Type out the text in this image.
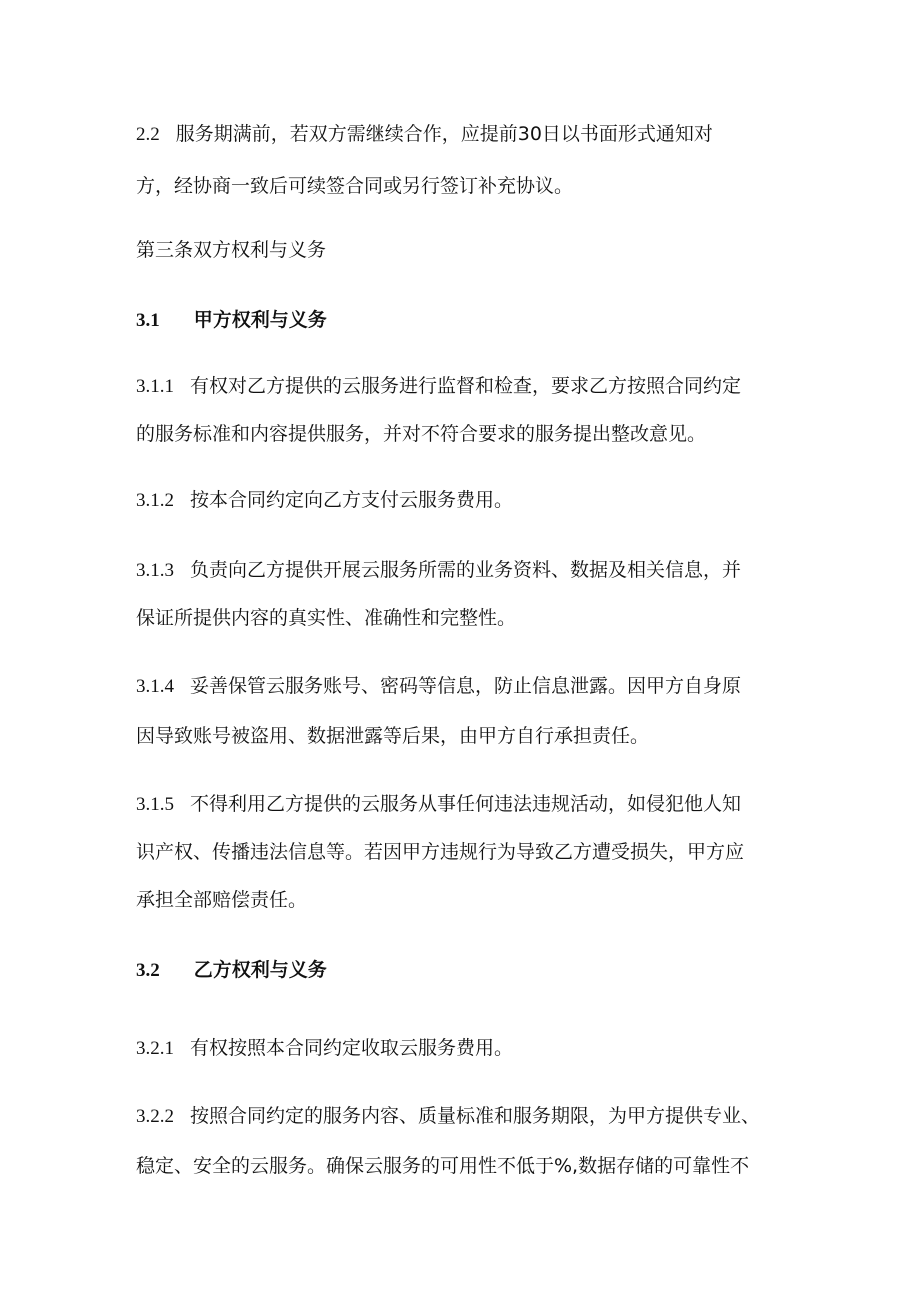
2.2 服务期满前，若双方需继续合作，应提前30日以书面形式通知对
方，经协商一致后可续签合同或另行签订补充协议。
第三条双方权利与义务
3.1 甲方权利与义务
3.1.1 有权对乙方提供的云服务进行监督和检查，要求乙方按照合同约定
的服务标准和内容提供服务，并对不符合要求的服务提出整改意见。
3.1.2 按本合同约定向乙方支付云服务费用。
3.1.3 负责向乙方提供开展云服务所需的业务资料、数据及相关信息，并
保证所提供内容的真实性、准确性和完整性。
3.1.4 妥善保管云服务账号、密码等信息，防止信息泄露。因甲方自身原
因导致账号被盗用、数据泄露等后果，由甲方自行承担责任。
3.1.5 不得利用乙方提供的云服务从事任何违法违规活动，如侵犯他人知
识产权、传播违法信息等。若因甲方违规行为导致乙方遭受损失，甲方应
承担全部赔偿责任。
3.2 乙方权利与义务
3.2.1 有权按照本合同约定收取云服务费用。
3.2.2 按照合同约定的服务内容、质量标准和服务期限，为甲方提供专业、
稳定、安全的云服务。确保云服务的可用性不低于%,数据存储的可靠性不
